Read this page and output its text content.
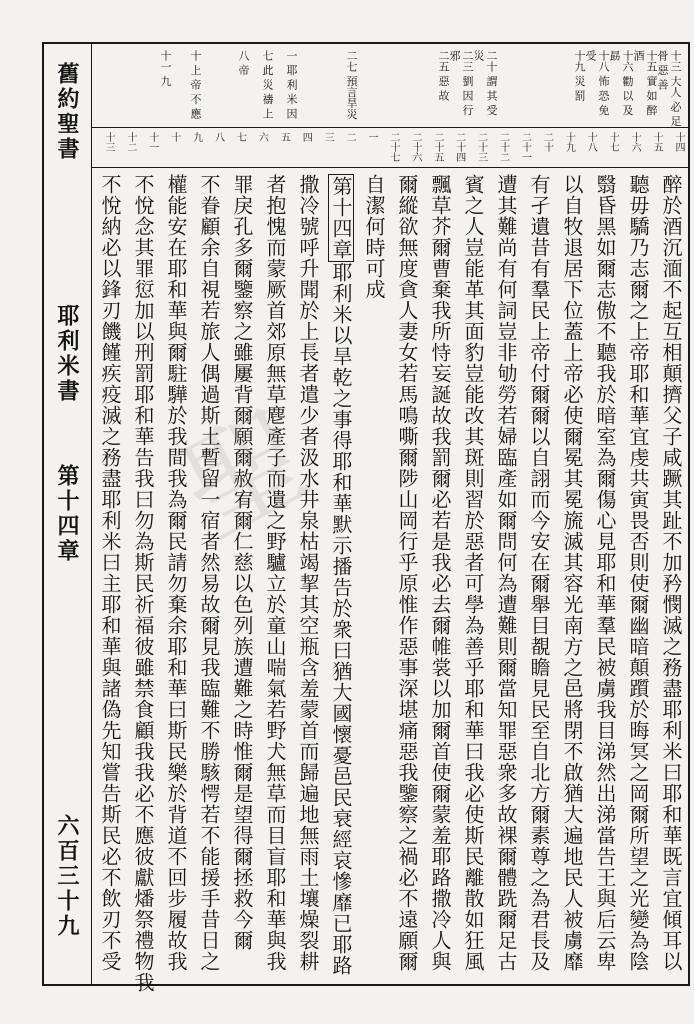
舊約聖書
耶利米書
第十四章
六百三十九
十三 大人 必 足 骨 惡 善
十五 實 如 醉 酒
十六 勸 以 及 勗
十八 怖 恐 免 受
十九 災 罰
二十 謂 其 受 災
二三 劉 因 行 邪
二五 惡 故
二七 預言旱災
一 耶 利 米 因
七 此 災 禱 上
八 帝
十 上 帝 不 應
十一 九
十四
十五
十六
十七
十八
十九
二十
二十一
二十二
二十三
二十四
二十五
二十六
二十七
一
二
三
四
五
六
七
八
九
十
十一
十二
十三
醉於酒沉湎不起互相顛擠父子咸蹶其趾不加矜憫滅之務盡耶利米曰耶和華既言宜傾耳以
聽毋驕乃志爾之上帝耶和華宜虔共寅畏否則使爾幽暗顛躓於晦冥之岡爾所望之光變為陰
翳昏黑如爾志傲不聽我於暗室為爾傷心見耶和華羣民被虜我目涕然出涕當告王與后云卑
以自牧退居下位蓋上帝必使爾冕其冕旒滅其容光南方之邑將閉不啟猶大遍地民人被虜靡
有孑遺昔有羣民上帝付爾爾以自詡而今安在爾舉目覩瞻見民至自北方爾素尊之為君長及
遭其難尚有何詞豈非劬勞若婦臨產如爾問何為遭難則爾當知罪惡衆多故裸爾體跣爾足古
賓之人豈能革其面豹豈能改其斑則習於惡者可學為善乎耶和華曰我必使斯民離散如狂風
飄草芥爾曹棄我所恃妄誕故我罰爾必若是我必去爾帷裳以加爾首使爾蒙羞耶路撒冷人與
爾縱欲無度貪人妻女若馬鳴嘶爾陟山岡行乎原惟作惡事深堪痛惡我鑒察之禍必不遠願爾
自潔何時可成
第十四章耶利米以旱乾之事得耶和華默示播告於衆曰猶大國懷憂邑民衰經哀慘靡已耶路
撒冷號呼升聞於上長者遣少者汲水井泉枯竭挈其空瓶含羞蒙首而歸遍地無雨土壤燥裂耕
者抱愧而蒙厥首郊原無草麀產子而遺之野驢立於童山喘氣若野犬無草而目盲耶和華與我
罪戾孔多爾鑒察之雖屢背爾願爾赦宥爾仁慈以色列族遭難之時惟爾是望得爾拯救今爾
不眷顧余自視若旅人偶過斯土暫留一宿者然易故爾見我臨難不勝駭愕若不能援手昔日之
權能安在耶和華與爾駐驊於我間我為爾民請勿棄余耶和華曰斯民樂於背道不回步履故我
不悅念其罪愆加以刑罰耶和華告我曰勿為斯民祈福彼雖禁食顧我我必不應彼獻燔祭禮物我
不悅納必以鋒刃饑饉疾疫滅之務盡耶利米曰主耶和華與諸偽先知嘗告斯民必不飲刃不受 聖
